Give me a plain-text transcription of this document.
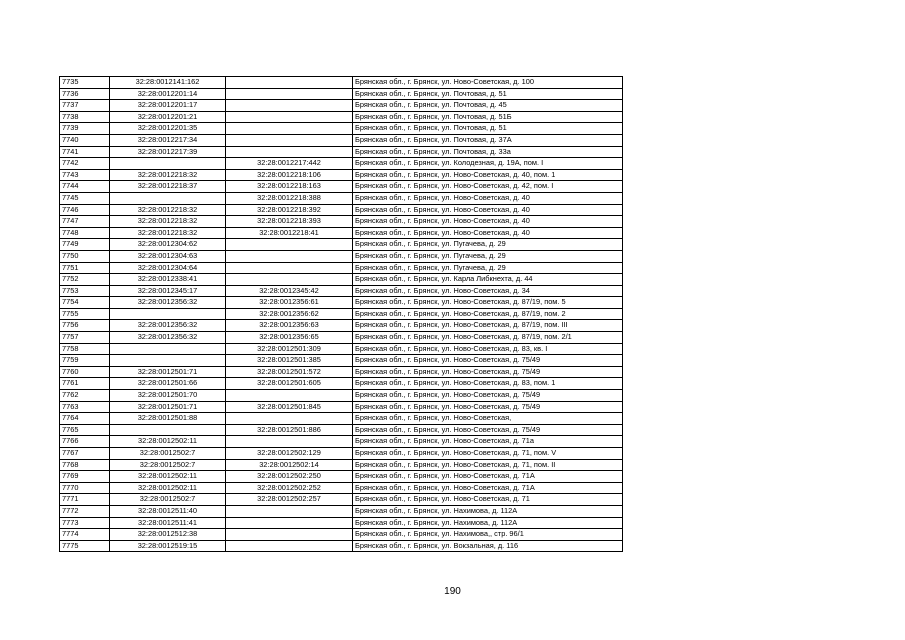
7735	32:28:0012141:162		Брянская обл., г. Брянск, ул. Ново-Советская, д. 100
7736	32:28:0012201:14		Брянская обл., г. Брянск, ул. Почтовая, д. 51
7737	32:28:0012201:17		Брянская обл., г. Брянск, ул. Почтовая, д. 45
7738	32:28:0012201:21		Брянская обл., г. Брянск, ул. Почтовая, д. 51Б
7739	32:28:0012201:35		Брянская обл., г. Брянск, ул. Почтовая, д. 51
7740	32:28:0012217:34		Брянская обл., г. Брянск, ул. Почтовая, д. 37А
7741	32:28:0012217:39		Брянская обл., г. Брянск, ул. Почтовая, д. 33а
7742		32:28:0012217:442	Брянская обл., г. Брянск, ул. Колодезная, д. 19А, пом. I
7743	32:28:0012218:32	32:28:0012218:106	Брянская обл., г. Брянск, ул. Ново-Советская, д. 40, пом. 1
7744	32:28:0012218:37	32:28:0012218:163	Брянская обл., г. Брянск, ул. Ново-Советская, д. 42, пом. I
7745		32:28:0012218:388	Брянская обл., г. Брянск, ул. Ново-Советская, д. 40
7746	32:28:0012218:32	32:28:0012218:392	Брянская обл., г. Брянск, ул. Ново-Советская, д. 40
7747	32:28:0012218:32	32:28:0012218:393	Брянская обл., г. Брянск, ул. Ново-Советская, д. 40
7748	32:28:0012218:32	32:28:0012218:41	Брянская обл., г. Брянск, ул. Ново-Советская, д. 40
7749	32:28:0012304:62		Брянская обл., г. Брянск, ул. Пугачева, д. 29
7750	32:28:0012304:63		Брянская обл., г. Брянск, ул. Пугачева, д. 29
7751	32:28:0012304:64		Брянская обл., г. Брянск, ул. Пугачева, д. 29
7752	32:28:0012338:41		Брянская обл., г. Брянск, ул. Карла Либкнехта, д. 44
7753	32:28:0012345:17	32:28:0012345:42	Брянская обл., г. Брянск, ул. Ново-Советская, д. 34
7754	32:28:0012356:32	32:28:0012356:61	Брянская обл., г. Брянск, ул. Ново-Советская, д. 87/19, пом. 5
7755		32:28:0012356:62	Брянская обл., г. Брянск, ул. Ново-Советская, д. 87/19, пом. 2
7756	32:28:0012356:32	32:28:0012356:63	Брянская обл., г. Брянск, ул. Ново-Советская, д. 87/19, пом. III
7757	32:28:0012356:32	32:28:0012356:65	Брянская обл., г. Брянск, ул. Ново-Советская, д. 87/19, пом. 2/1
7758		32:28:0012501:309	Брянская обл., г. Брянск, ул. Ново-Советская, д. 83, кв. I
7759		32:28:0012501:385	Брянская обл., г. Брянск, ул. Ново-Советская, д. 75/49
7760	32:28:0012501:71	32:28:0012501:572	Брянская обл., г. Брянск, ул. Ново-Советская, д. 75/49
7761	32:28:0012501:66	32:28:0012501:605	Брянская обл., г. Брянск, ул. Ново-Советская, д. 83, пом. 1
7762	32:28:0012501:70		Брянская обл., г. Брянск, ул. Ново-Советская, д. 75/49
7763	32:28:0012501:71	32:28:0012501:845	Брянская обл., г. Брянск, ул. Ново-Советская, д. 75/49
7764	32:28:0012501:88		Брянская обл., г. Брянск, ул. Ново-Советская,
7765		32:28:0012501:886	Брянская обл., г. Брянск, ул. Ново-Советская, д. 75/49
7766	32:28:0012502:11		Брянская обл., г. Брянск, ул. Ново-Советская, д. 71а
7767	32:28:0012502:7	32:28:0012502:129	Брянская обл., г. Брянск, ул. Ново-Советская, д. 71, пом. V
7768	32:28:0012502:7	32:28:0012502:14	Брянская обл., г. Брянск, ул. Ново-Советская, д. 71, пом. II
7769	32:28:0012502:11	32:28:0012502:250	Брянская обл., г. Брянск, ул. Ново-Советская, д. 71А
7770	32:28:0012502:11	32:28:0012502:252	Брянская обл., г. Брянск, ул. Ново-Советская, д. 71А
7771	32:28:0012502:7	32:28:0012502:257	Брянская обл., г. Брянск, ул. Ново-Советская, д. 71
7772	32:28:0012511:40		Брянская обл., г. Брянск, ул. Нахимова, д. 112А
7773	32:28:0012511:41		Брянская обл., г. Брянск, ул. Нахимова, д. 112А
7774	32:28:0012512:38		Брянская обл., г. Брянск, ул. Нахимова,, стр. 96/1
7775	32:28:0012519:15		Брянская обл., г. Брянск, ул. Вокзальная, д. 116
190
